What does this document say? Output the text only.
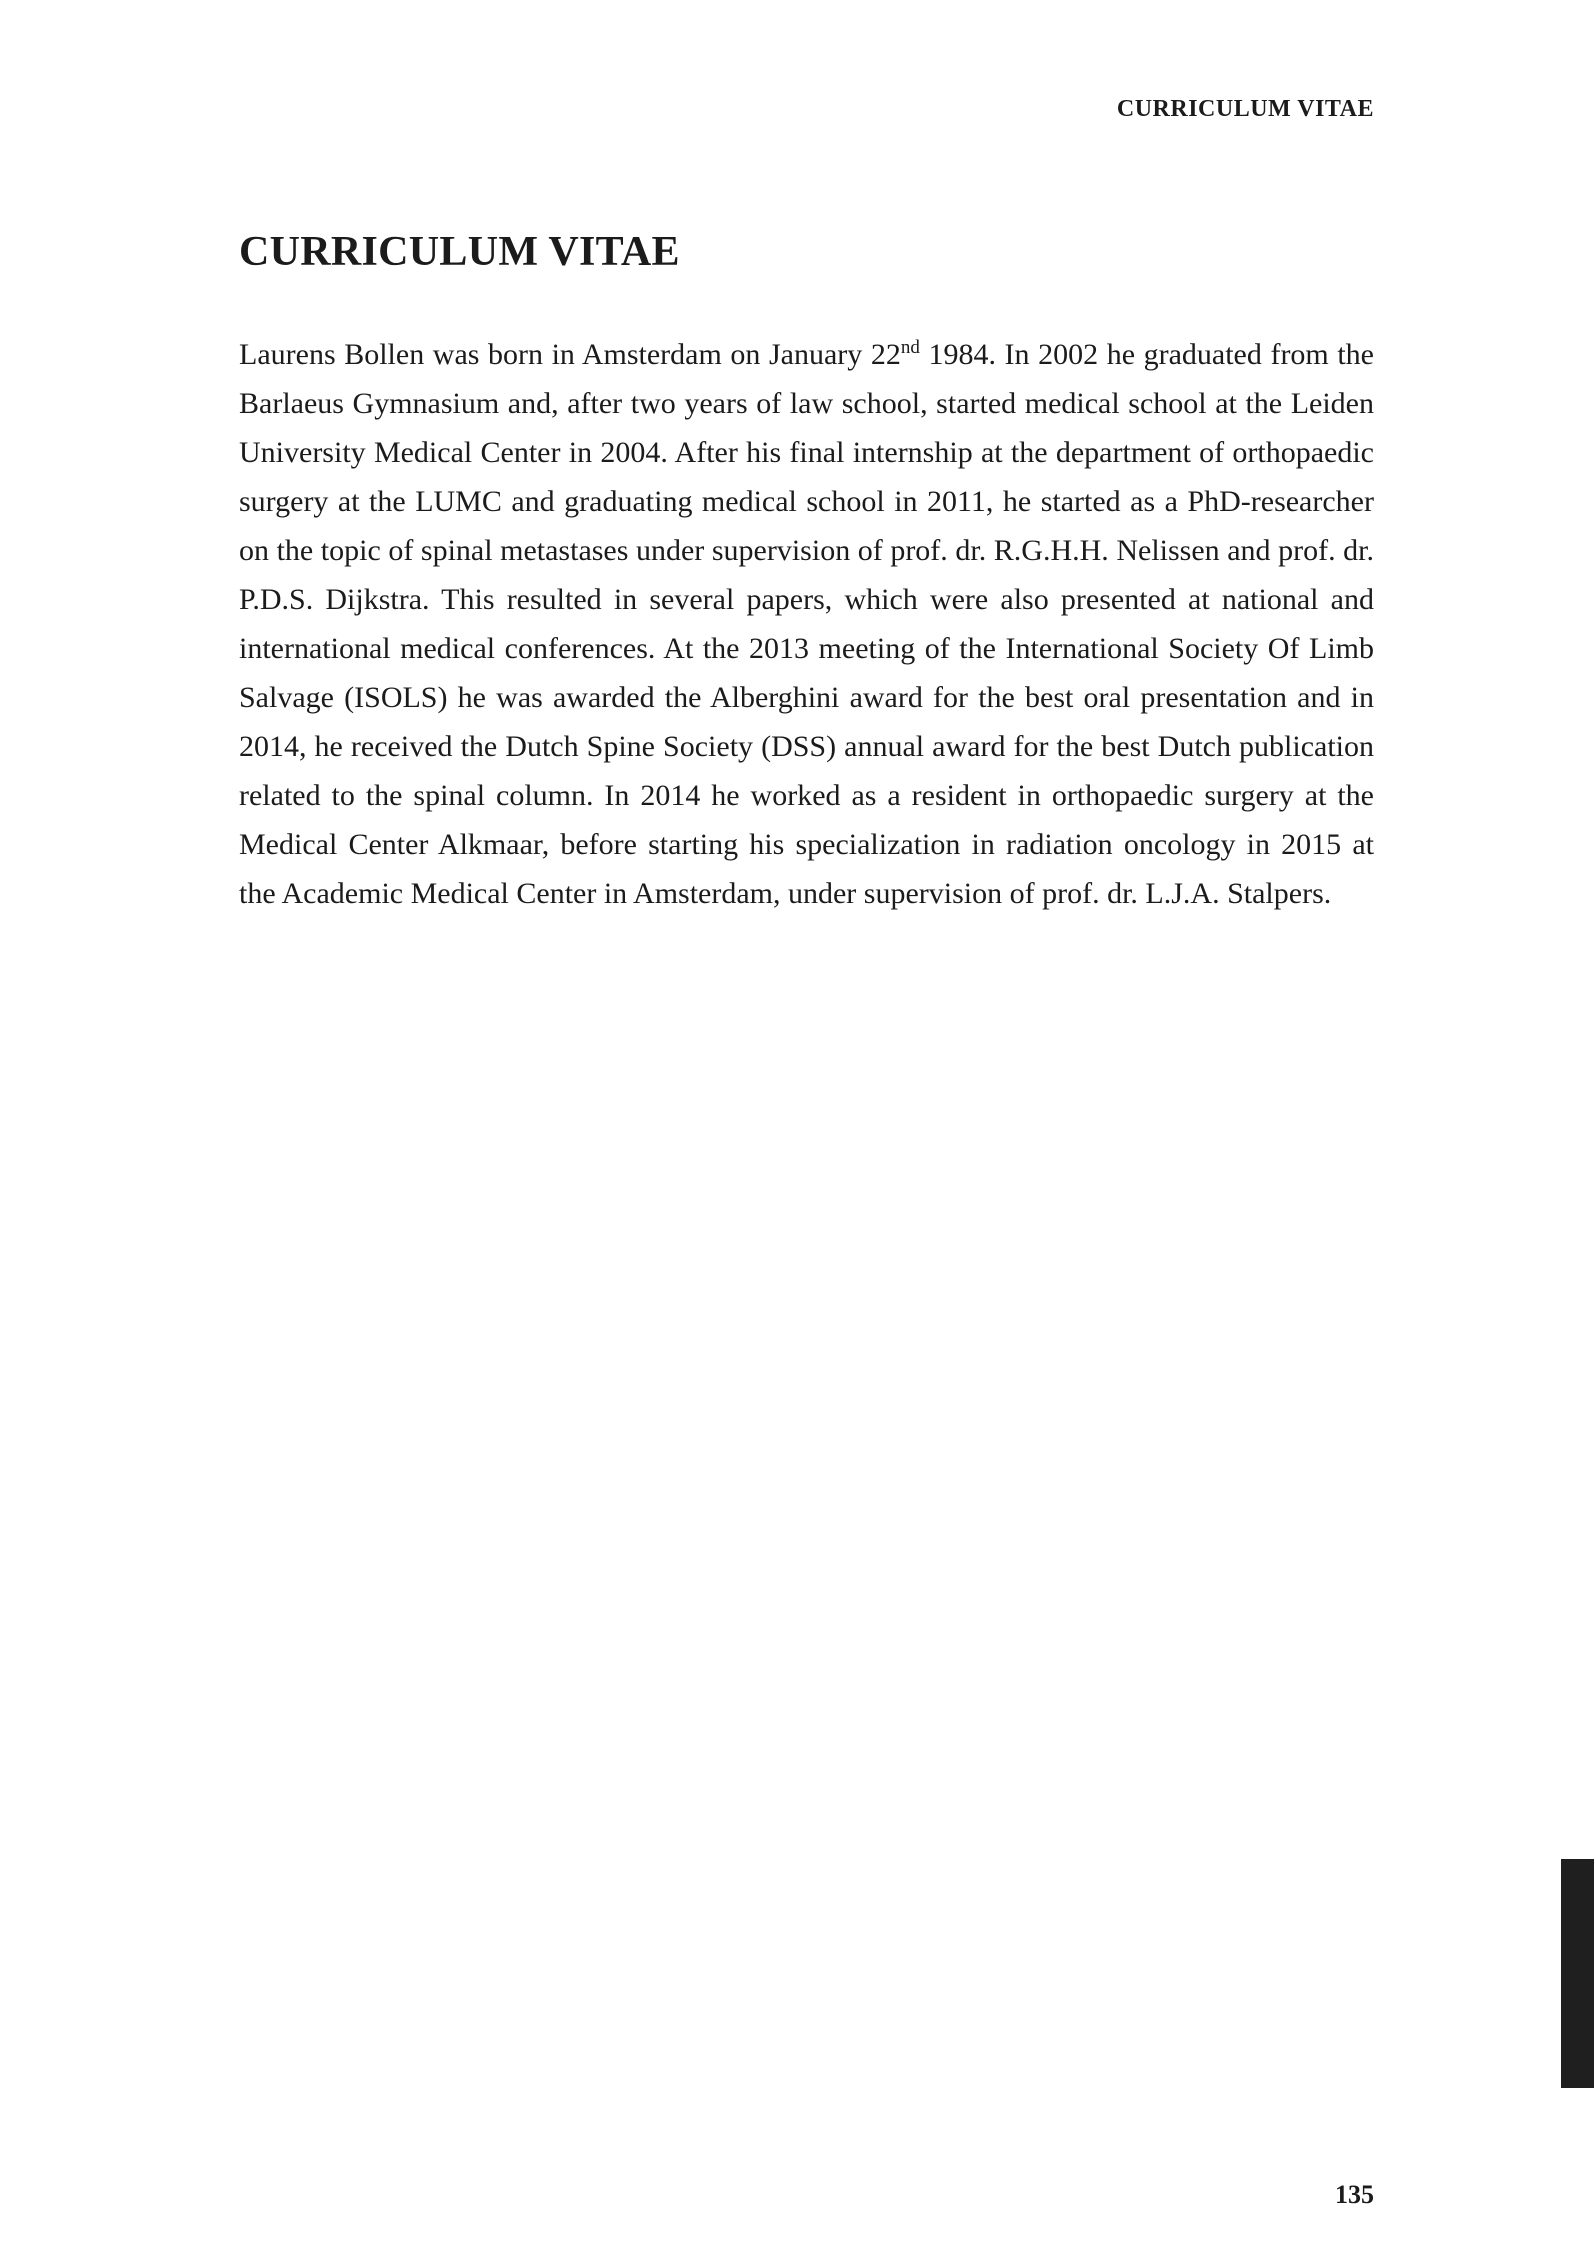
CURRICULUM VITAE
CURRICULUM VITAE

Laurens Bollen was born in Amsterdam on January 22nd 1984. In 2002 he graduated from the Barlaeus Gymnasium and, after two years of law school, started medical school at the Leiden University Medical Center in 2004. After his final internship at the department of orthopaedic surgery at the LUMC and graduating medical school in 2011, he started as a PhD-researcher on the topic of spinal metastases under supervision of prof. dr. R.G.H.H. Nelissen and prof. dr. P.D.S. Dijkstra. This resulted in several papers, which were also presented at national and international medical conferences. At the 2013 meeting of the International Society Of Limb Salvage (ISOLS) he was awarded the Alberghini award for the best oral presentation and in 2014, he received the Dutch Spine Society (DSS) annual award for the best Dutch publication related to the spinal column. In 2014 he worked as a resident in orthopaedic surgery at the Medical Center Alkmaar, before starting his specialization in radiation oncology in 2015 at the Academic Medical Center in Amsterdam, under supervision of prof. dr. L.J.A. Stalpers.

135
